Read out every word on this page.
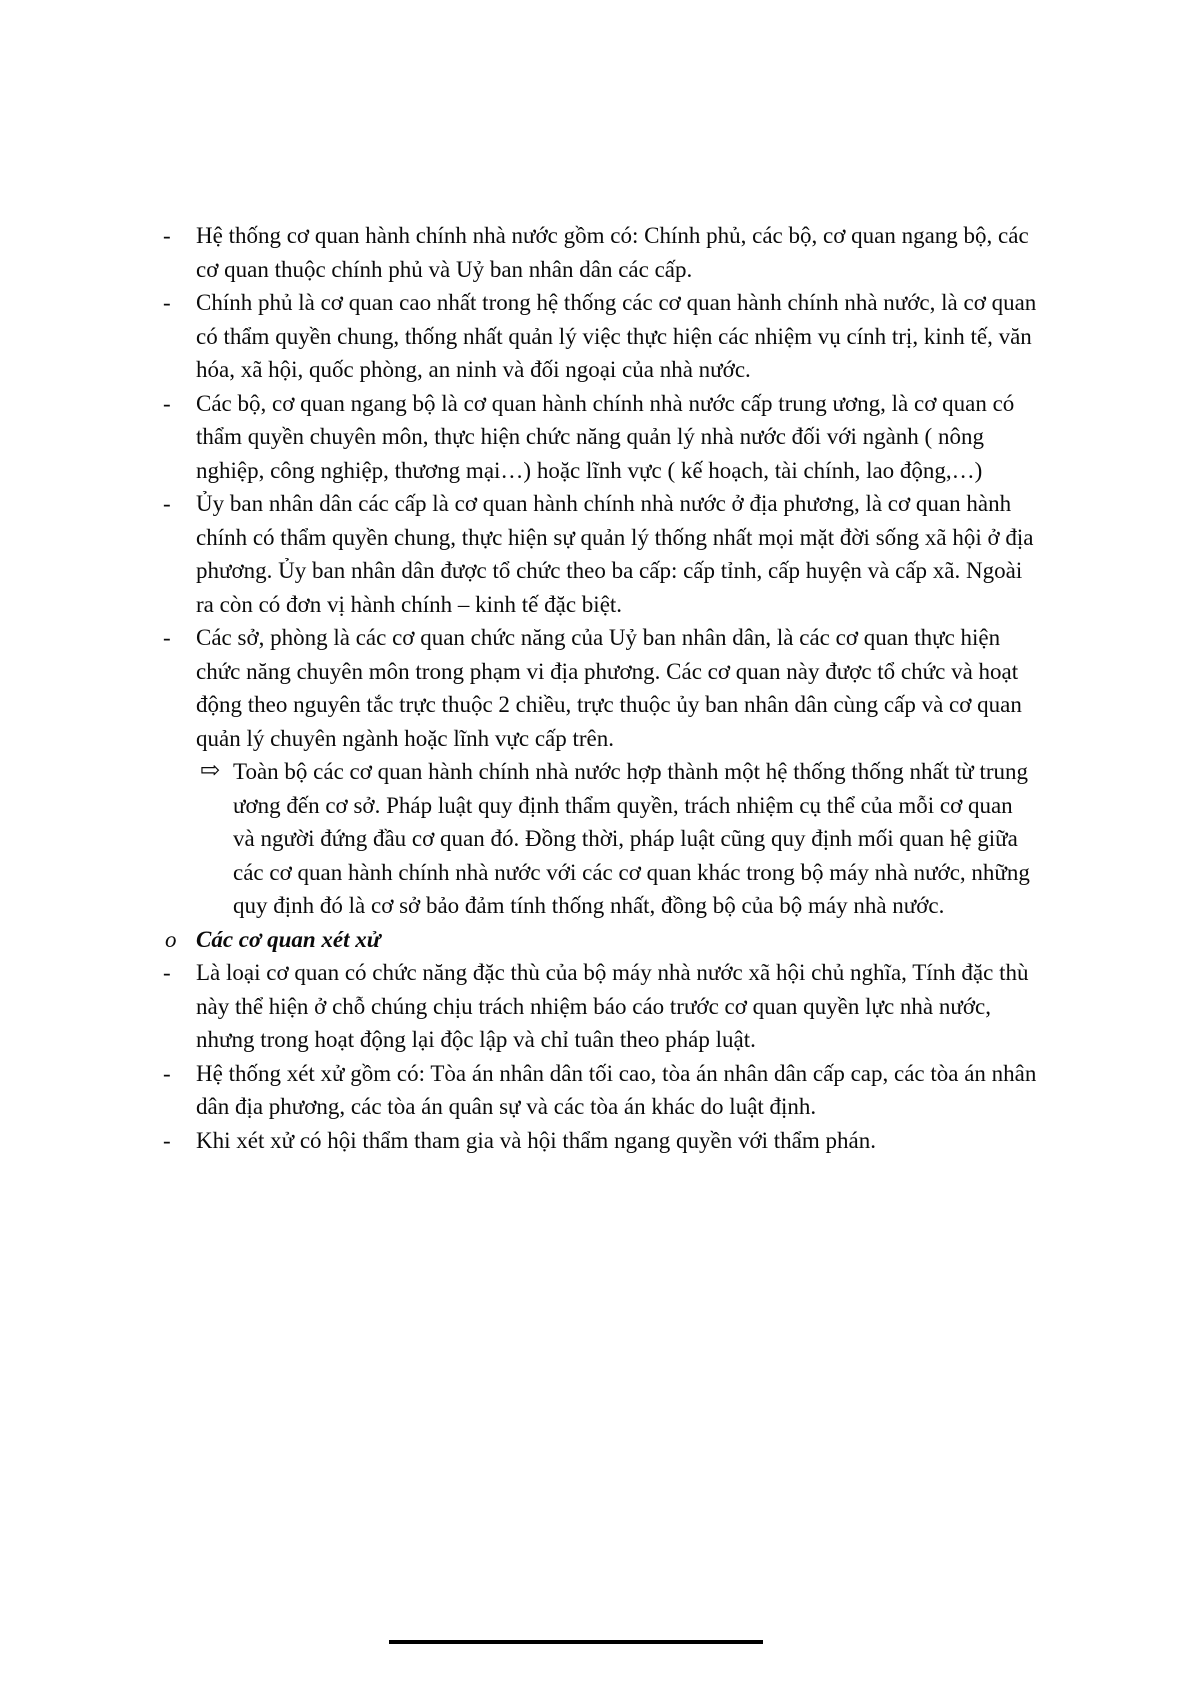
-	Hệ thống cơ quan hành chính nhà nước gồm có: Chính phủ, các bộ, cơ quan ngang bộ, các cơ quan thuộc chính phủ và Uỷ ban nhân dân các cấp.
-	Chính phủ là cơ quan cao nhất trong hệ thống các cơ quan hành chính nhà nước, là cơ quan có thẩm quyền chung, thống nhất quản lý việc thực hiện các nhiệm vụ cính trị, kinh tế, văn hóa, xã hội, quốc phòng, an ninh và đối ngoại của nhà nước.
-	Các bộ, cơ quan ngang bộ là cơ quan hành chính nhà nước cấp trung ương, là cơ quan có thẩm quyền chuyên môn, thực hiện chức năng quản lý nhà nước đối với ngành ( nông nghiệp, công nghiệp, thương mại…) hoặc lĩnh vực ( kế hoạch, tài chính, lao động,…)
-	Ủy ban nhân dân các cấp là cơ quan hành chính nhà nước ở địa phương, là cơ quan hành chính có thẩm quyền chung, thực hiện sự quản lý thống nhất mọi mặt đời sống xã hội ở địa phương. Ủy ban nhân dân được tổ chức theo ba cấp: cấp tỉnh, cấp huyện và cấp xã. Ngoài ra còn có đơn vị hành chính – kinh tế đặc biệt.
-	Các sở, phòng là các cơ quan chức năng của Uỷ ban nhân dân, là các cơ quan thực hiện chức năng chuyên môn trong phạm vi địa phương. Các cơ quan này được tổ chức và hoạt động theo nguyên tắc trực thuộc 2 chiều, trực thuộc ủy ban nhân dân cùng cấp và cơ quan quản lý chuyên ngành hoặc lĩnh vực cấp trên.
⇨ Toàn bộ các cơ quan hành chính nhà nước hợp thành một hệ thống thống nhất từ trung ương đến cơ sở. Pháp luật quy định thẩm quyền, trách nhiệm cụ thể của mỗi cơ quan và người đứng đầu cơ quan đó. Đồng thời, pháp luật cũng quy định mối quan hệ giữa các cơ quan hành chính nhà nước với các cơ quan khác trong bộ máy nhà nước, những quy định đó là cơ sở bảo đảm tính thống nhất, đồng bộ của bộ máy nhà nước.
o Các cơ quan xét xử
-	Là loại cơ quan có chức năng đặc thù của bộ máy nhà nước xã hội chủ nghĩa, Tính đặc thù này thể hiện ở chỗ chúng chịu trách nhiệm báo cáo trước cơ quan quyền lực nhà nước, nhưng trong hoạt động lại độc lập và chỉ tuân theo pháp luật.
-	Hệ thống xét xử gồm có: Tòa án nhân dân tối cao, tòa án nhân dân cấp cap, các tòa án nhân dân địa phương, các tòa án quân sự và các tòa án khác do luật định.
-	Khi xét xử có hội thẩm tham gia và hội thẩm ngang quyền với thẩm phán.
